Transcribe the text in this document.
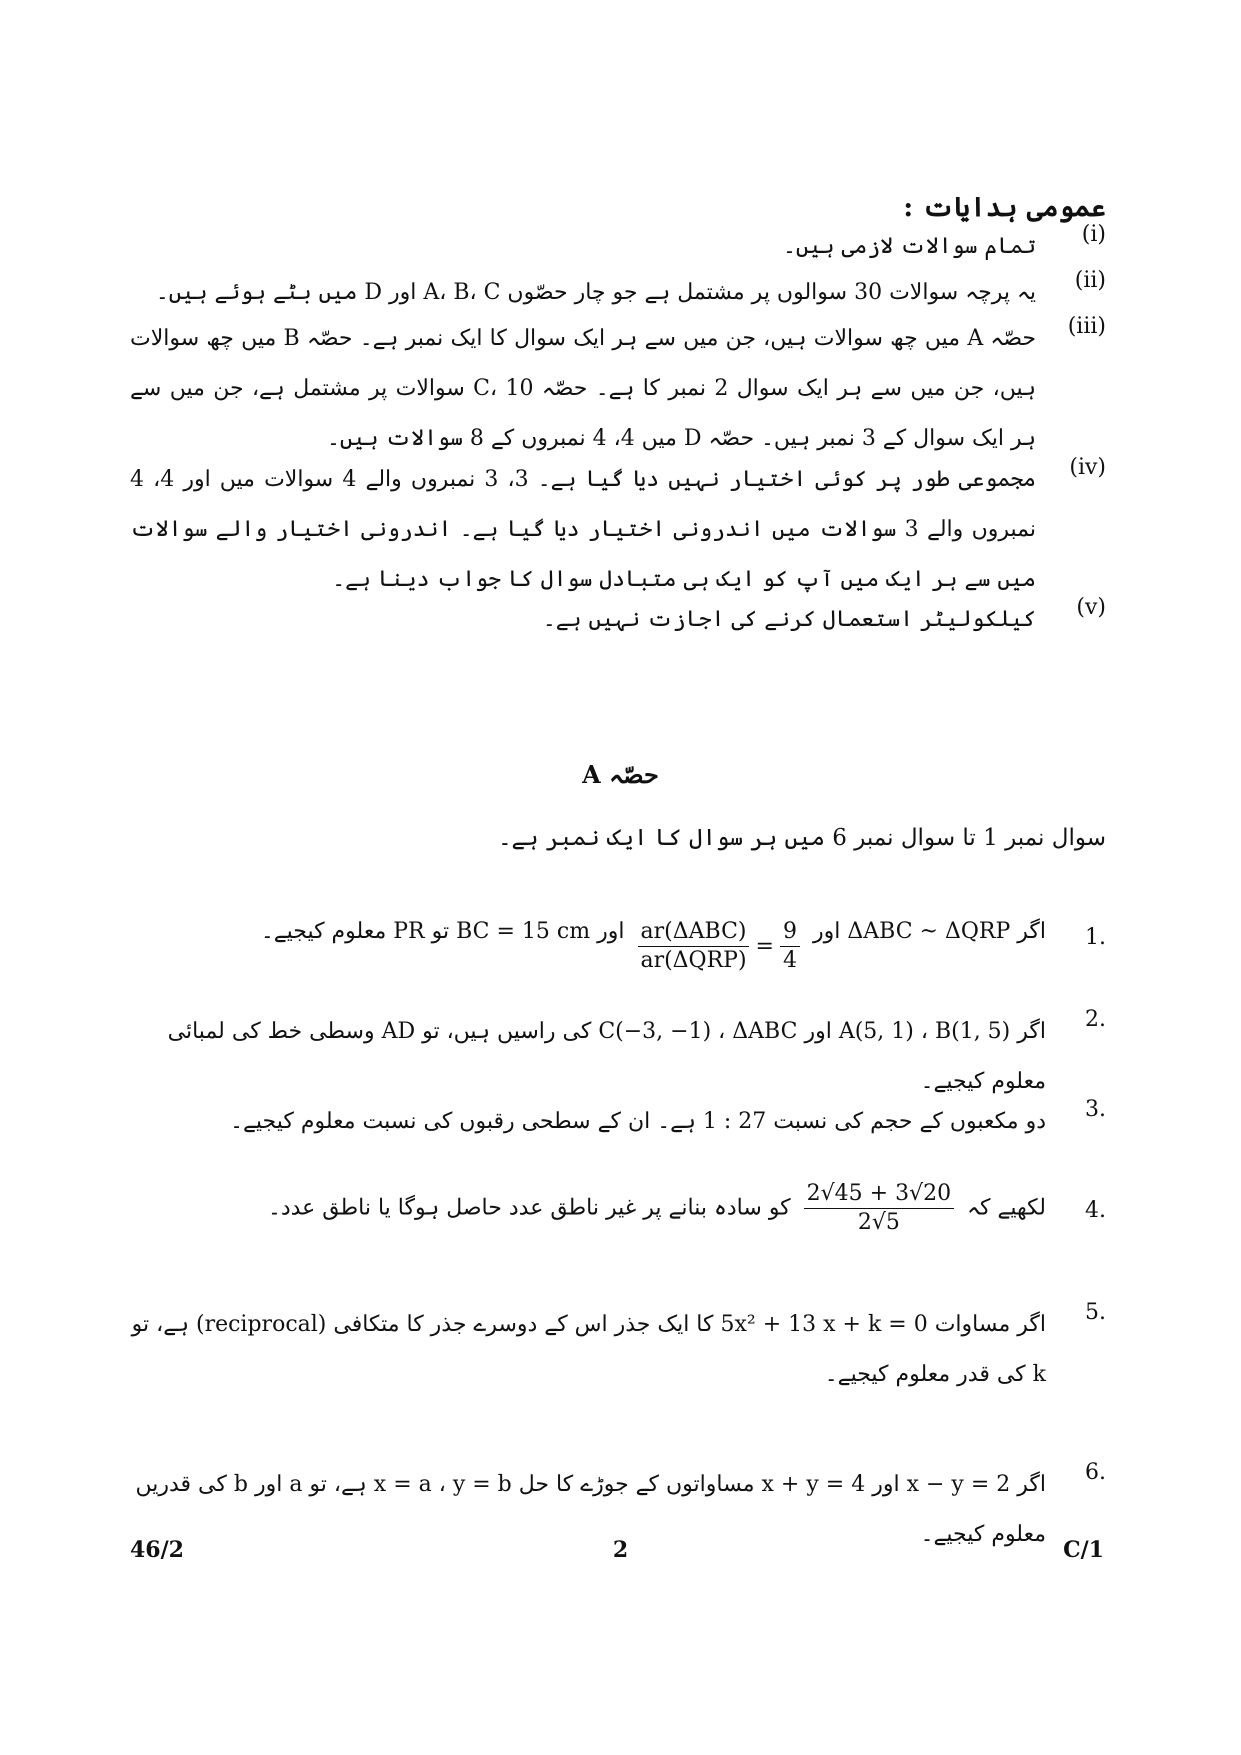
عمومی ہدایات :
(i)
تمام سوالات لازمی ہیں۔
(ii)
یہ پرچہ سوالات 30 سوالوں پر مشتمل ہے جو چار حصّوں A، B، C اور D میں بٹے ہوئے ہیں۔
(iii)
حصّہ A میں چھ سوالات ہیں، جن میں سے ہر ایک سوال کا ایک نمبر ہے۔ حصّہ B میں چھ سوالات ہیں، جن میں سے ہر ایک سوال 2 نمبر کا ہے۔ حصّہ C، 10 سوالات پر مشتمل ہے، جن میں سے ہر ایک سوال کے 3 نمبر ہیں۔ حصّہ D میں 4، 4 نمبروں کے 8 سوالات ہیں۔
(iv)
مجموعی طور پر کوئی اختیار نہیں دیا گیا ہے۔ 3، 3 نمبروں والے 4 سوالات میں اور 4، 4 نمبروں والے 3 سوالات میں اندرونی اختیار دیا گیا ہے۔ اندرونی اختیار والے سوالات میں سے ہر ایک میں آپ کو ایک ہی متبادل سوال کا جواب دینا ہے۔
(v)
کیلکولیٹر استعمال کرنے کی اجازت نہیں ہے۔
حصّہ A
سوال نمبر 1 تا سوال نمبر 6 میں ہر سوال کا ایک نمبر ہے۔
1.
اگر ΔABC ~ ΔQRP اور
$\frac{\text{ar(ΔABC)}}{\text{ar(ΔQRP)}} = \frac{9}{4}$
اور BC = 15 cm تو PR معلوم کیجیے۔
2.
اگر A(5, 1) ، B(1, 5) اور C(−3, −1) ، ΔABC کی راسیں ہیں، تو AD وسطی خط کی لمبائی معلوم کیجیے۔
3.
دو مکعبوں کے حجم کی نسبت 1 : 27 ہے۔ ان کے سطحی رقبوں کی نسبت معلوم کیجیے۔
4.
لکھیے کہ
$\frac{2√45 + 3√20}{2√5}$
کو سادہ بنانے پر غیر ناطق عدد حاصل ہوگا یا ناطق عدد۔
5.
اگر مساوات 5x² + 13 x + k = 0 کا ایک جذر اس کے دوسرے جذر کا متکافی (reciprocal) ہے، تو k کی قدر معلوم کیجیے۔
6.
اگر x − y = 2 اور x + y = 4 مساواتوں کے جوڑے کا حل x = a ، y = b ہے، تو a اور b کی قدریں معلوم کیجیے۔
46/2	2	C/1
